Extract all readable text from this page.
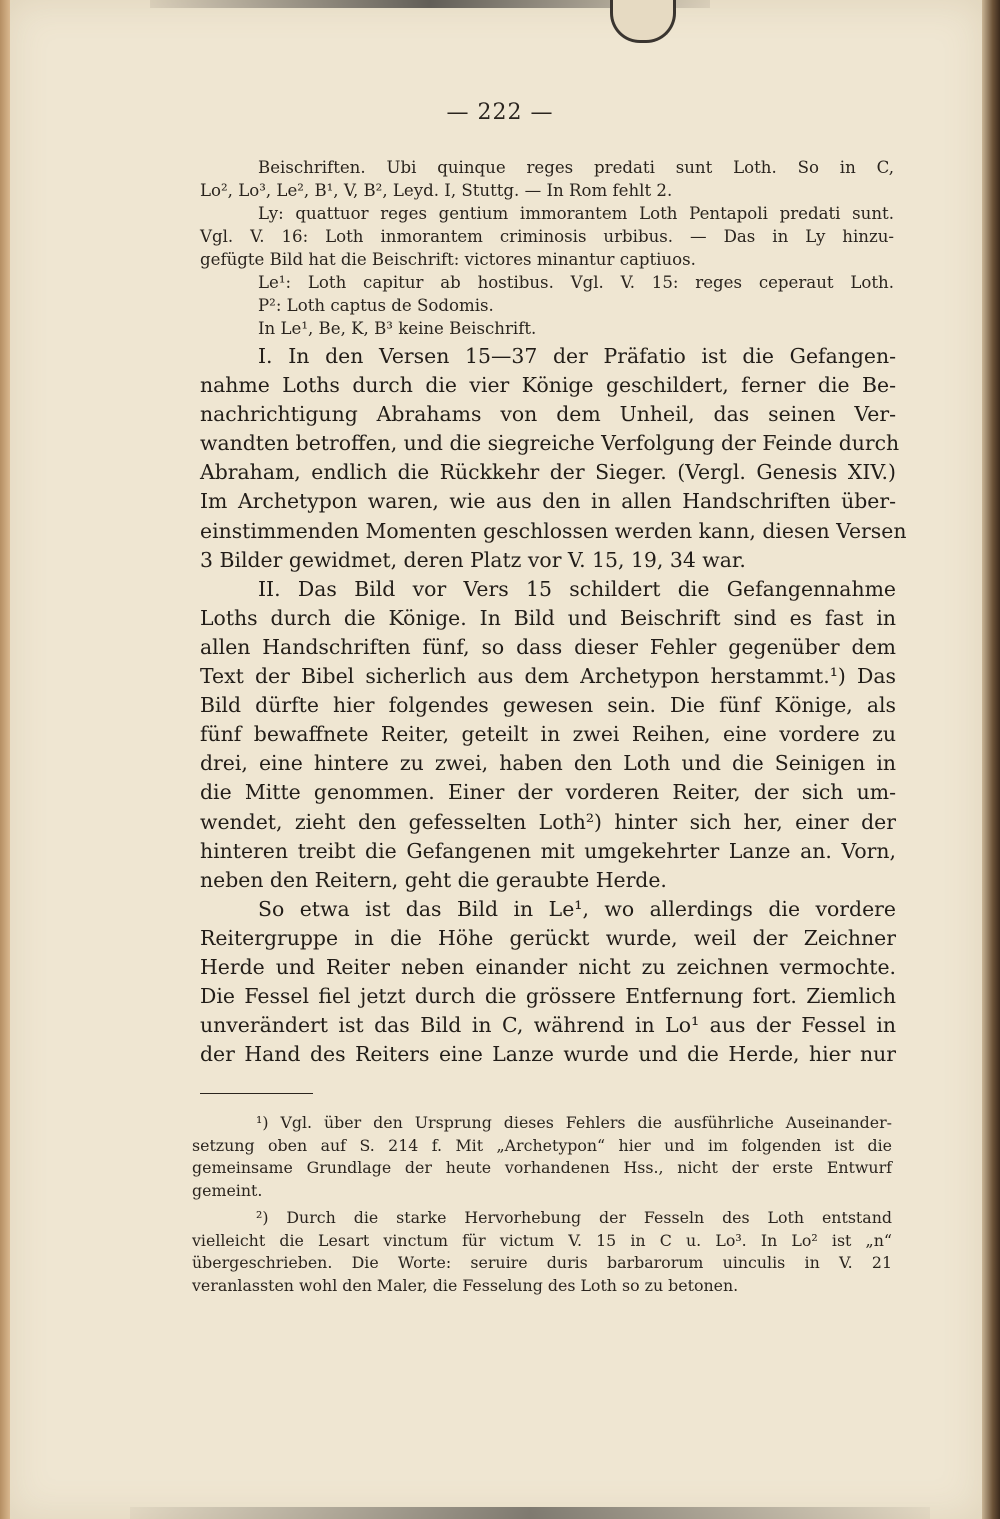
— 222 —
Beischriften. Ubi quinque reges predati sunt Loth. So in C,
Lo², Lo³, Le², B¹, V, B², Leyd. I, Stuttg. — In Rom fehlt 2.
Ly: quattuor reges gentium immorantem Loth Pentapoli predati sunt.
Vgl. V. 16: Loth inmorantem criminosis urbibus. — Das in Ly hinzu-
gefügte Bild hat die Beischrift: victores minantur captiuos.
Le¹: Loth capitur ab hostibus. Vgl. V. 15: reges ceperaut Loth.
P²: Loth captus de Sodomis.
In Le¹, Be, K, B³ keine Beischrift.
I. In den Versen 15—37 der Präfatio ist die Gefangen-
nahme Loths durch die vier Könige geschildert, ferner die Be-
nachrichtigung Abrahams von dem Unheil, das seinen Ver-
wandten betroffen, und die siegreiche Verfolgung der Feinde durch
Abraham, endlich die Rückkehr der Sieger. (Vergl. Genesis XIV.)
Im Archetypon waren, wie aus den in allen Handschriften über-
einstimmenden Momenten geschlossen werden kann, diesen Versen
3 Bilder gewidmet, deren Platz vor V. 15, 19, 34 war.
II. Das Bild vor Vers 15 schildert die Gefangennahme
Loths durch die Könige. In Bild und Beischrift sind es fast in
allen Handschriften fünf, so dass dieser Fehler gegenüber dem
Text der Bibel sicherlich aus dem Archetypon herstammt.¹) Das
Bild dürfte hier folgendes gewesen sein. Die fünf Könige, als
fünf bewaffnete Reiter, geteilt in zwei Reihen, eine vordere zu
drei, eine hintere zu zwei, haben den Loth und die Seinigen in
die Mitte genommen. Einer der vorderen Reiter, der sich um-
wendet, zieht den gefesselten Loth²) hinter sich her, einer der
hinteren treibt die Gefangenen mit umgekehrter Lanze an. Vorn,
neben den Reitern, geht die geraubte Herde.
So etwa ist das Bild in Le¹, wo allerdings die vordere
Reitergruppe in die Höhe gerückt wurde, weil der Zeichner
Herde und Reiter neben einander nicht zu zeichnen vermochte.
Die Fessel fiel jetzt durch die grössere Entfernung fort. Ziemlich
unverändert ist das Bild in C, während in Lo¹ aus der Fessel in
der Hand des Reiters eine Lanze wurde und die Herde, hier nur
¹) Vgl. über den Ursprung dieses Fehlers die ausführliche Auseinander-
setzung oben auf S. 214 f. Mit „Archetypon“ hier und im folgenden ist die
gemeinsame Grundlage der heute vorhandenen Hss., nicht der erste Entwurf
gemeint.
²) Durch die starke Hervorhebung der Fesseln des Loth entstand
vielleicht die Lesart vinctum für victum V. 15 in C u. Lo³. In Lo² ist „n“
übergeschrieben. Die Worte: seruire duris barbarorum uinculis in V. 21
veranlassten wohl den Maler, die Fesselung des Loth so zu betonen.
